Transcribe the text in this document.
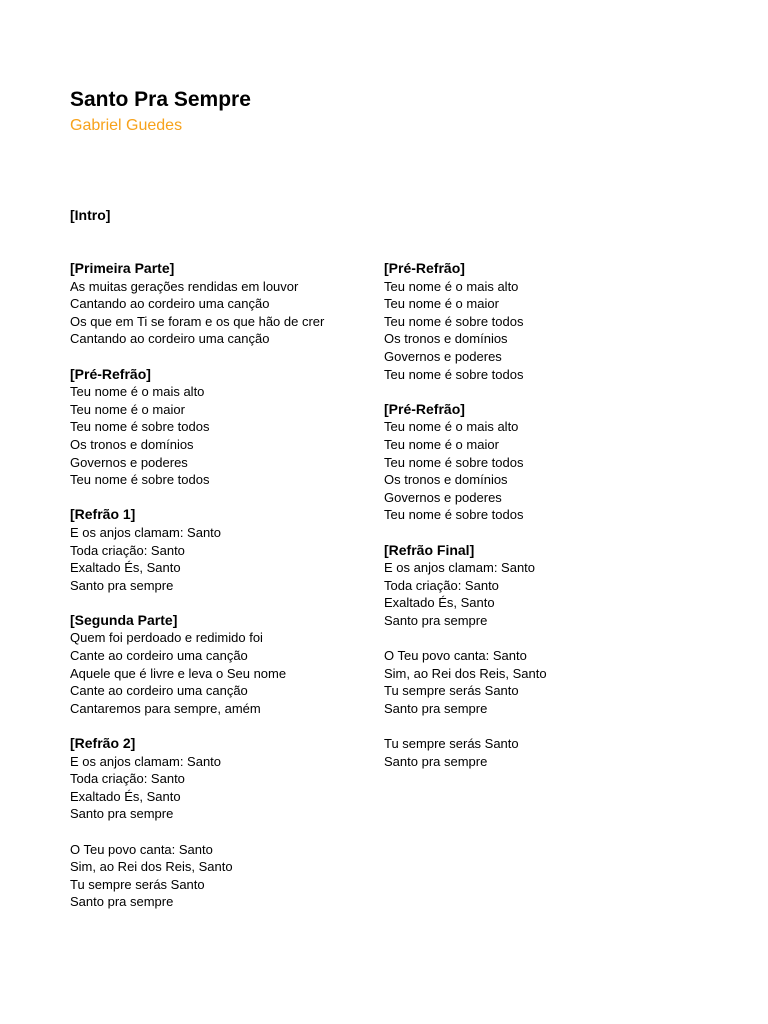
Santo Pra Sempre
Gabriel Guedes
[Intro]
[Primeira Parte]
As muitas gerações rendidas em louvor
Cantando ao cordeiro uma canção
Os que em Ti se foram e os que hão de crer
Cantando ao cordeiro uma canção
[Pré-Refrão]
Teu nome é o mais alto
Teu nome é o maior
Teu nome é sobre todos
Os tronos e domínios
Governos e poderes
Teu nome é sobre todos
[Refrão 1]
E os anjos clamam: Santo
Toda criação: Santo
Exaltado És, Santo
Santo pra sempre
[Segunda Parte]
Quem foi perdoado e redimido foi
Cante ao cordeiro uma canção
Aquele que é livre e leva o Seu nome
Cante ao cordeiro uma canção
Cantaremos para sempre, amém
[Refrão 2]
E os anjos clamam: Santo
Toda criação: Santo
Exaltado És, Santo
Santo pra sempre
O Teu povo canta: Santo
Sim, ao Rei dos Reis, Santo
Tu sempre serás Santo
Santo pra sempre
[Pré-Refrão]
Teu nome é o mais alto
Teu nome é o maior
Teu nome é sobre todos
Os tronos e domínios
Governos e poderes
Teu nome é sobre todos
[Pré-Refrão]
Teu nome é o mais alto
Teu nome é o maior
Teu nome é sobre todos
Os tronos e domínios
Governos e poderes
Teu nome é sobre todos
[Refrão Final]
E os anjos clamam: Santo
Toda criação: Santo
Exaltado És, Santo
Santo pra sempre
O Teu povo canta: Santo
Sim, ao Rei dos Reis, Santo
Tu sempre serás Santo
Santo pra sempre
Tu sempre serás Santo
Santo pra sempre
